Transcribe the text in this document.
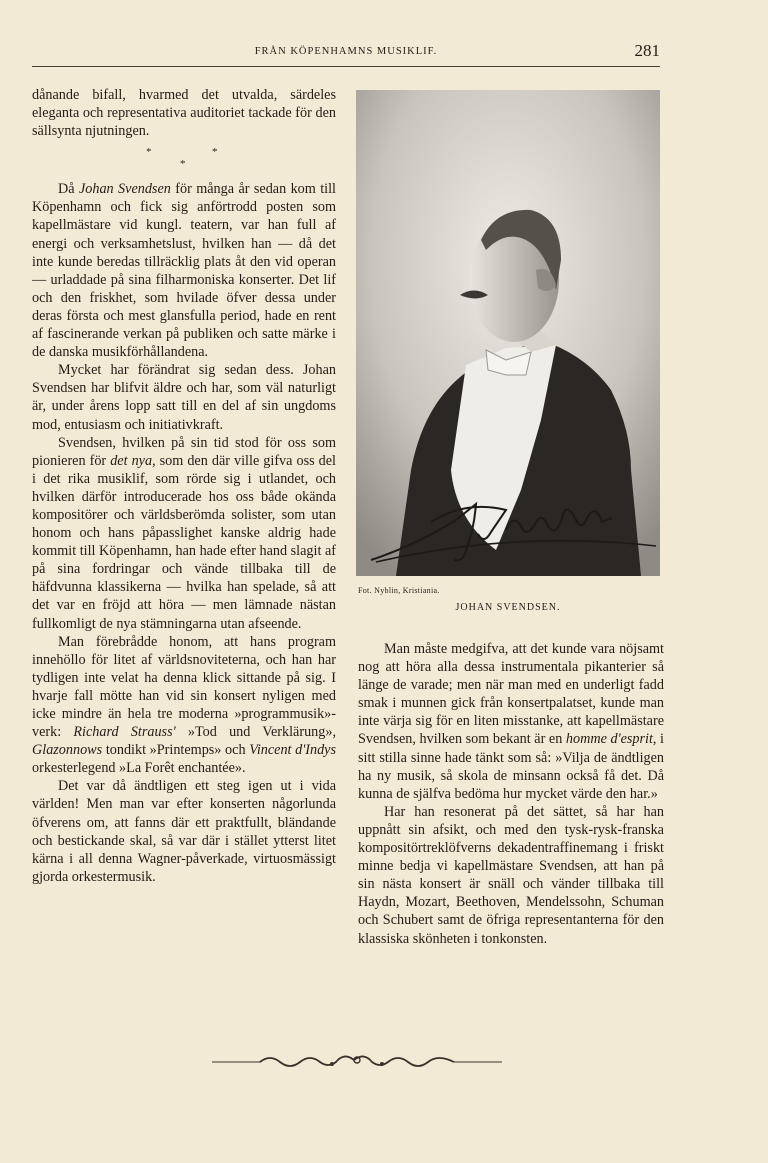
FRÅN KÖPENHAMNS MUSIKLIF.	281

dånande bifall, hvarmed det utvalda, särdeles eleganta och representativa auditoriet tackade för den sällsynta njutningen.

*
*
*

Då Johan Svendsen för många år sedan kom till Köpenhamn och fick sig anförtrodd posten som kapellmästare vid kungl. teatern, var han full af energi och verksamhetslust, hvilken han — då det inte kunde beredas tillräcklig plats åt den vid operan — urladdade på sina filharmoniska konserter. Det lif och den friskhet, som hvilade öfver dessa under deras första och mest glansfulla period, hade en rent af fascinerande verkan på publiken och satte märke i de danska musikförhållandena.

Mycket har förändrat sig sedan dess. Johan Svendsen har blifvit äldre och har, som väl naturligt är, under årens lopp satt till en del af sin ungdoms mod, entusiasm och initiativkraft.

Svendsen, hvilken på sin tid stod för oss som pionieren för det nya, som den där ville gifva oss del i det rika musiklif, som rörde sig i utlandet, och hvilken därför introducerade hos oss både okända kompositörer och världsberömda solister, som utan honom och hans påpasslighet kanske aldrig hade kommit till Köpenhamn, han hade efter hand slagit af på sina fordringar och vände tillbaka till de häfdvunna klassikerna — hvilka han spelade, så att det var en fröjd att höra — men lämnade nästan fullkomligt de nya stämningarna utan afseende.

Man förebrådde honom, att hans program innehöllo för litet af världsnoviteterna, och han har tydligen inte velat ha denna klick sittande på sig. I hvarje fall mötte han vid sin konsert nyligen med icke mindre än hela tre moderna »programmusik»-verk: Richard Strauss' »Tod und Verklärung», Glazonnows tondikt »Printemps» och Vincent d'Indys orkesterlegend »La Forêt enchantée».

Det var då ändtligen ett steg igen ut i vida världen! Men man var efter konserten någorlunda öfverens om, att fanns där ett praktfullt, bländande och bestickande skal, så var där i stället ytterst litet kärna i all denna Wagner-påverkade, virtuosmässigt gjorda orkestermusik.

Fot. Nyblin, Kristiania.
JOHAN SVENDSEN.

Man måste medgifva, att det kunde vara nöjsamt nog att höra alla dessa instrumentala pikanterier så länge de varade; men när man med en underligt fadd smak i munnen gick från konsertpalatset, kunde man inte värja sig för en liten misstanke, att kapellmästare Svendsen, hvilken som bekant är en homme d'esprit, i sitt stilla sinne hade tänkt som så: »Vilja de ändtligen ha ny musik, så skola de minsann också få det. Då kunna de själfva bedöma hur mycket värde den har.»

Har han resonerat på det sättet, så har han uppnått sin afsikt, och med den tysk-rysk-franska kompositörtreklöfverns dekadentraffinemang i friskt minne bedja vi kapellmästare Svendsen, att han på sin nästa konsert är snäll och vänder tillbaka till Haydn, Mozart, Beethoven, Mendelssohn, Schuman och Schubert samt de öfriga representanterna för den klassiska skönheten i tonkonsten.
